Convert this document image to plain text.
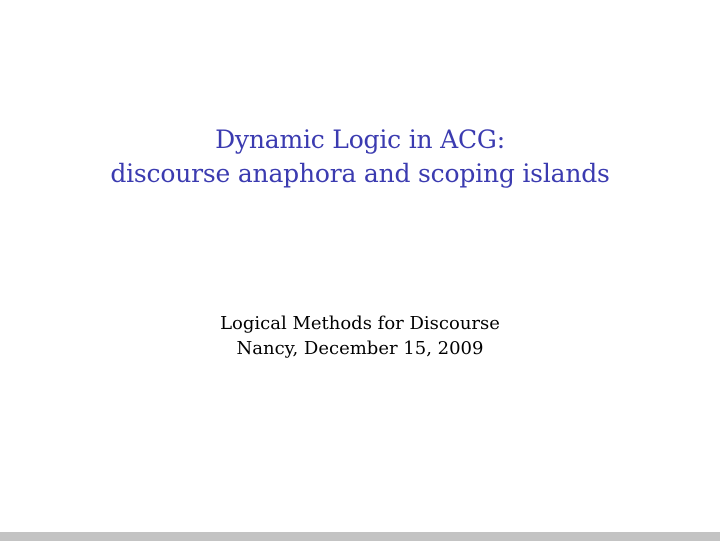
Dynamic Logic in ACG:
discourse anaphora and scoping islands
Logical Methods for Discourse
Nancy, December 15, 2009
